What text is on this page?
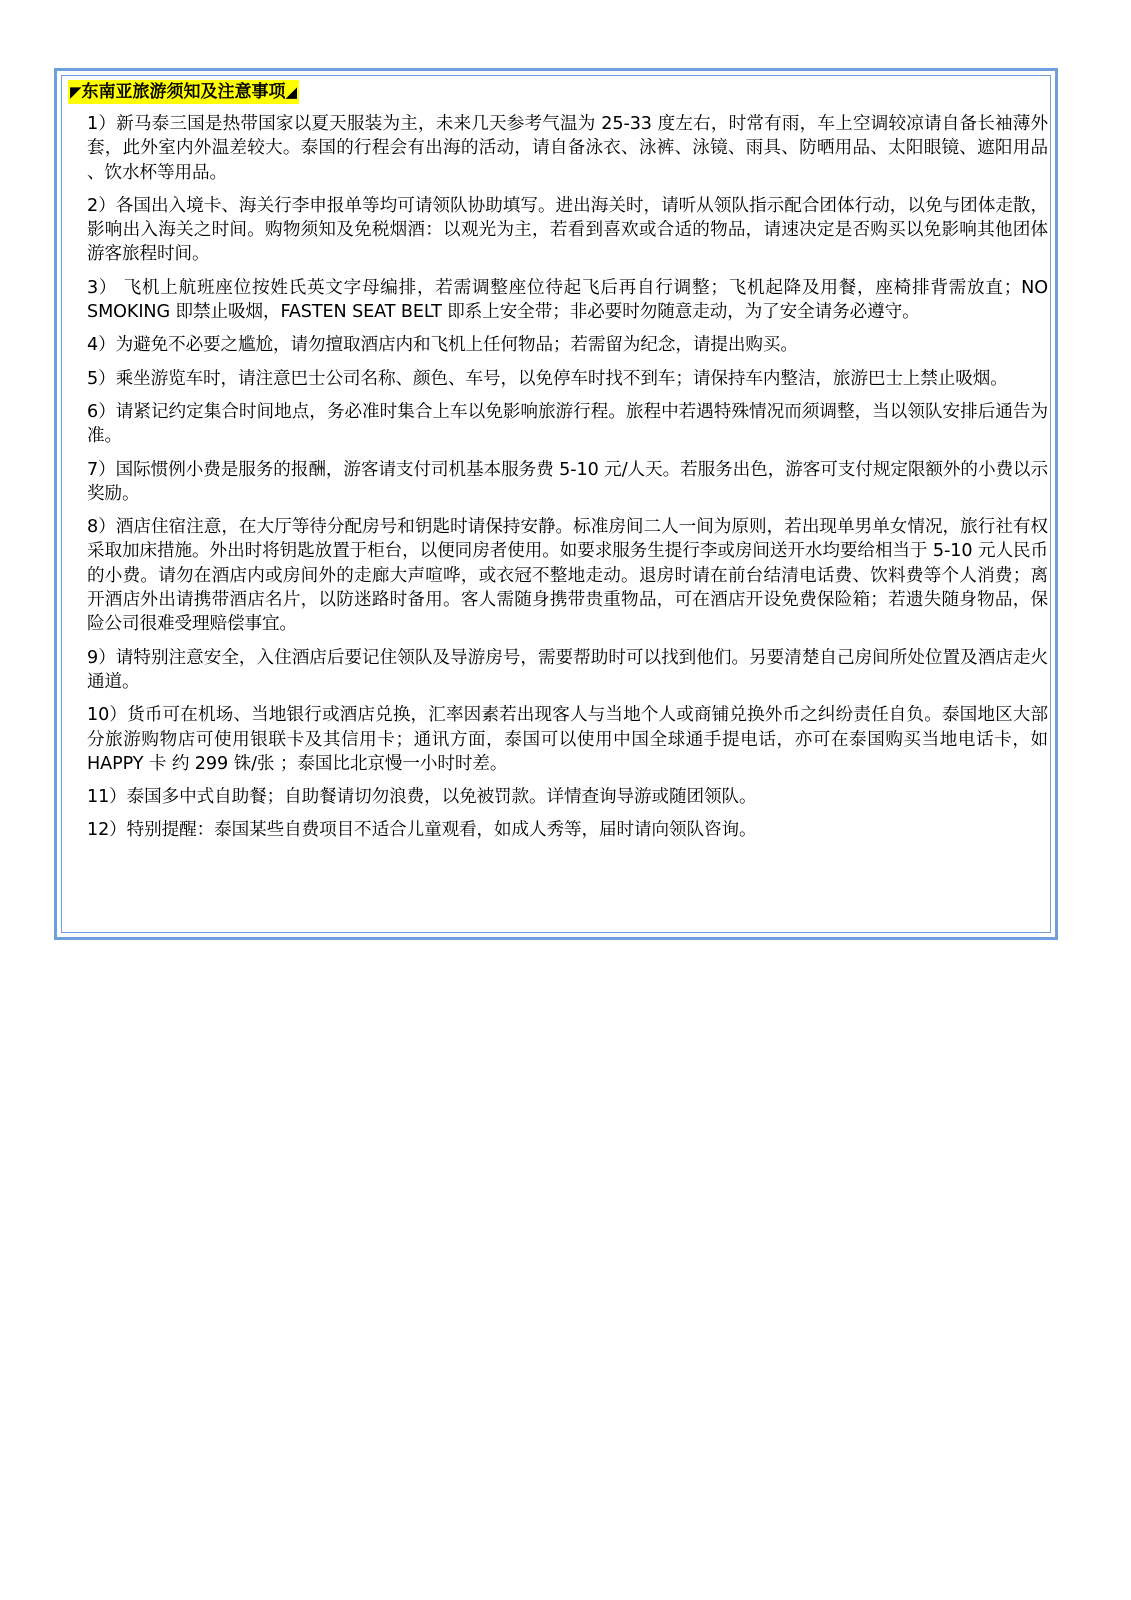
◤东南亚旅游须知及注意事项◢
1）新马泰三国是热带国家以夏天服装为主，未来几天参考气温为 25-33 度左右，时常有雨，车上空调较凉请自备长袖薄外套，此外室内外温差较大。泰国的行程会有出海的活动，请自备泳衣、泳裤、泳镜、雨具、防晒用品、太阳眼镜、遮阳用品 、饮水杯等用品。
2）各国出入境卡、海关行李申报单等均可请领队协助填写。进出海关时，请听从领队指示配合团体行动，以免与团体走散，影响出入海关之时间。购物须知及免税烟酒：以观光为主，若看到喜欢或合适的物品，请速决定是否购买以免影响其他团体游客旅程时间。
3） 飞机上航班座位按姓氏英文字母编排，若需调整座位待起飞后再自行调整；飞机起降及用餐，座椅排背需放直；NO SMOKING 即禁止吸烟，FASTEN SEAT BELT 即系上安全带；非必要时勿随意走动，为了安全请务必遵守。
4）为避免不必要之尴尬，请勿擅取酒店内和飞机上任何物品；若需留为纪念，请提出购买。
5）乘坐游览车时，请注意巴士公司名称、颜色、车号，以免停车时找不到车；请保持车内整洁，旅游巴士上禁止吸烟。
6）请紧记约定集合时间地点，务必准时集合上车以免影响旅游行程。旅程中若遇特殊情况而须调整，当以领队安排后通告为准。
7）国际惯例小费是服务的报酬，游客请支付司机基本服务费 5-10 元/人天。若服务出色，游客可支付规定限额外的小费以示奖励。
8）酒店住宿注意，在大厅等待分配房号和钥匙时请保持安静。标准房间二人一间为原则，若出现单男单女情况，旅行社有权采取加床措施。外出时将钥匙放置于柜台，以便同房者使用。如要求服务生提行李或房间送开水均要给相当于 5-10 元人民币的小费。请勿在酒店内或房间外的走廊大声喧哗，或衣冠不整地走动。退房时请在前台结清电话费、饮料费等个人消费；离开酒店外出请携带酒店名片，以防迷路时备用。客人需随身携带贵重物品，可在酒店开设免费保险箱；若遗失随身物品，保险公司很难受理赔偿事宜。
9）请特别注意安全，入住酒店后要记住领队及导游房号，需要帮助时可以找到他们。另要清楚自己房间所处位置及酒店走火通道。
10）货币可在机场、当地银行或酒店兑换，汇率因素若出现客人与当地个人或商铺兑换外币之纠纷责任自负。泰国地区大部分旅游购物店可使用银联卡及其信用卡；通讯方面，泰国可以使用中国全球通手提电话，亦可在泰国购买当地电话卡，如 HAPPY 卡 约 299 铢/张 ；泰国比北京慢一小时时差。
11）泰国多中式自助餐；自助餐请切勿浪费，以免被罚款。详情查询导游或随团领队。
12）特别提醒：泰国某些自费项目不适合儿童观看，如成人秀等，届时请向领队咨询。
